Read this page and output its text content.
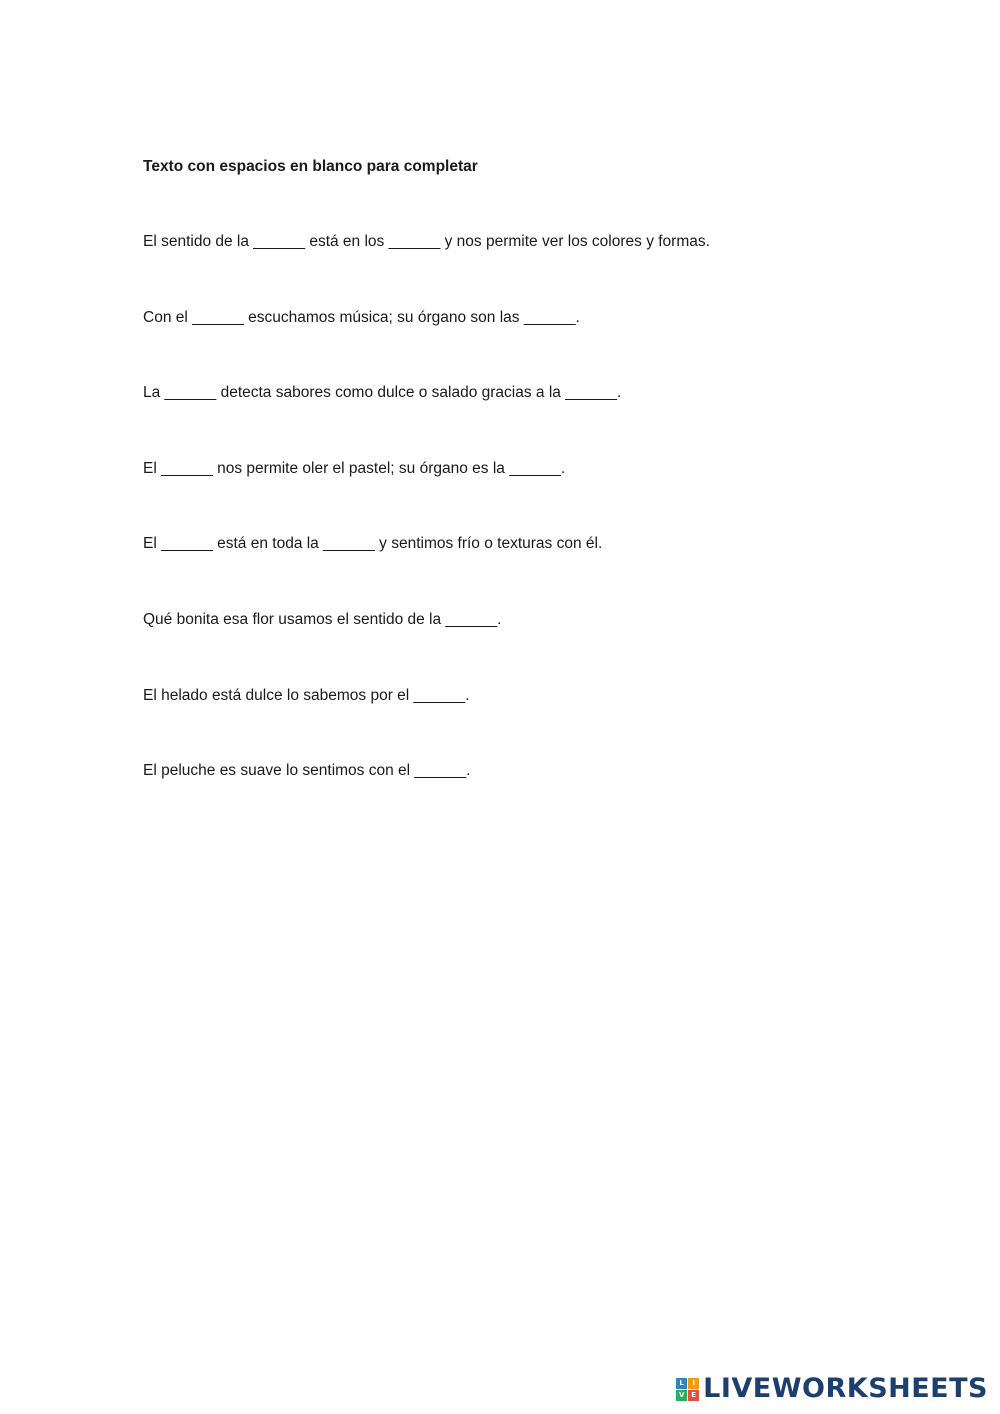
Texto con espacios en blanco para completar
El sentido de la ______ está en los ______ y nos permite ver los colores y formas.
Con el ______ escuchamos música; su órgano son las ______.
La ______ detecta sabores como dulce o salado gracias a la ______.
El ______ nos permite oler el pastel; su órgano es la ______.
El ______ está en toda la ______ y sentimos frío o texturas con él.
Qué bonita esa flor usamos el sentido de la ______.
El helado está dulce lo sabemos por el ______.
El peluche es suave lo sentimos con el ______.
L	I
V E LIVEWORKSHEETS
